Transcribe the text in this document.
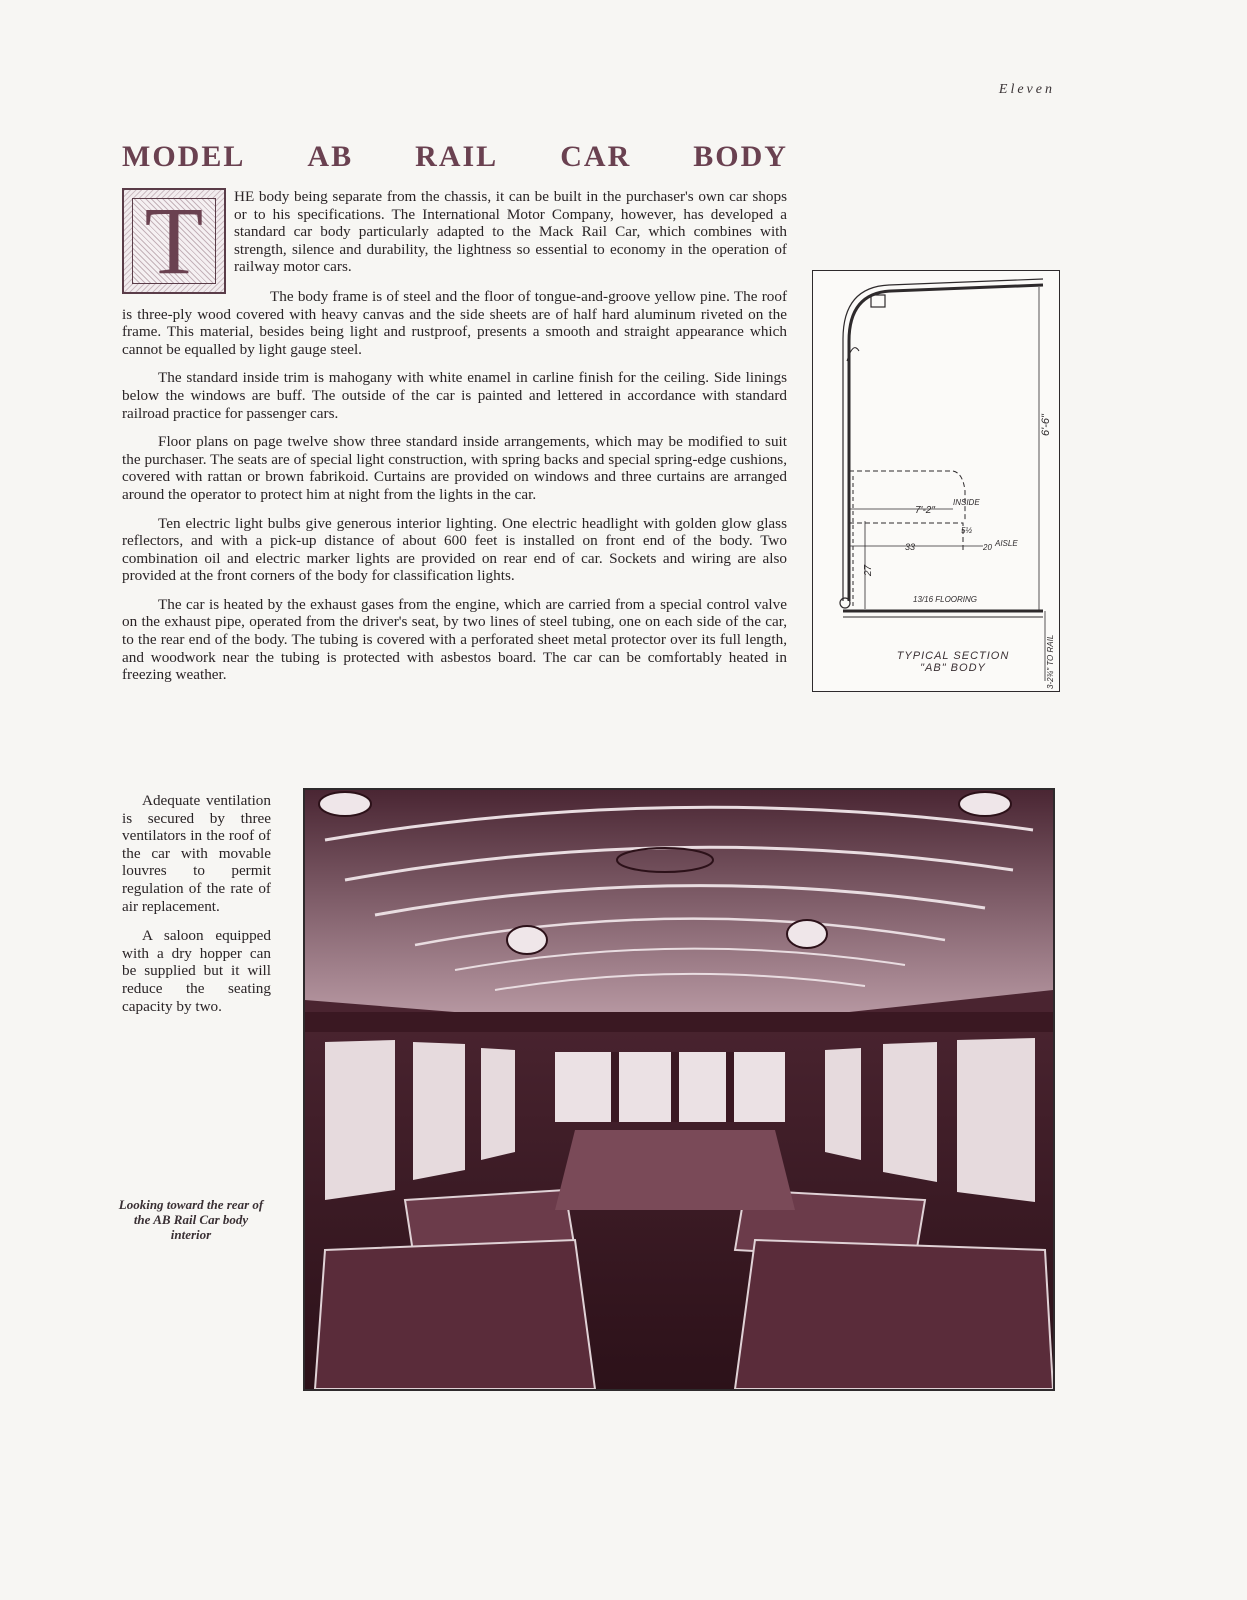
Eleven
MODEL AB RAIL CAR BODY
T	HE body being separate from the chassis, it can be built in the purchaser's own car shops or to his specifications. The International Motor Company, however, has developed a standard car body particularly adapted to the Mack Rail Car, which combines with strength, silence and durability, the lightness so essential to economy in the operation of railway motor cars.

The body frame is of steel and the floor of tongue-and-groove yellow pine. The roof is three-ply wood covered with heavy canvas and the side sheets are of half hard aluminum riveted on the frame. This material, besides being light and rustproof, presents a smooth and straight appearance which cannot be equalled by light gauge steel.

The standard inside trim is mahogany with white enamel in carline finish for the ceiling. Side linings below the windows are buff. The outside of the car is painted and lettered in accordance with standard railroad practice for passenger cars.

Floor plans on page twelve show three standard inside arrangements, which may be modified to suit the purchaser. The seats are of special light construction, with spring backs and special spring-edge cushions, covered with rattan or brown fabrikoid. Curtains are provided on windows and three curtains are arranged around the operator to protect him at night from the lights in the car.

Ten electric light bulbs give generous interior lighting. One electric headlight with golden glow glass reflectors, and with a pick-up distance of about 600 feet is installed on front end of the body. Two combination oil and electric marker lights are provided on rear end of car. Sockets and wiring are also provided at the front corners of the body for classification lights.

The car is heated by the exhaust gases from the engine, which are carried from a special control valve on the exhaust pipe, operated from the driver's seat, by two lines of steel tubing, one on each side of the car, to the rear end of the body. The tubing is covered with a perforated sheet metal protector over its full length, and woodwork near the tubing is protected with asbestos board. The car can be comfortably heated in freezing weather.

6'-6"
7'-2"
INSIDE
5½
33	20 AISLE
27
13/16 FLOORING
3-2¾" TO RAIL
TYPICAL SECTION
"AB" BODY

Adequate ventilation is secured by three ventilators in the roof of the car with movable louvres to permit regulation of the rate of air replacement.

A saloon equipped with a dry hopper can be supplied but it will reduce the seating capacity by two.

Looking toward the rear of the AB Rail Car body interior
